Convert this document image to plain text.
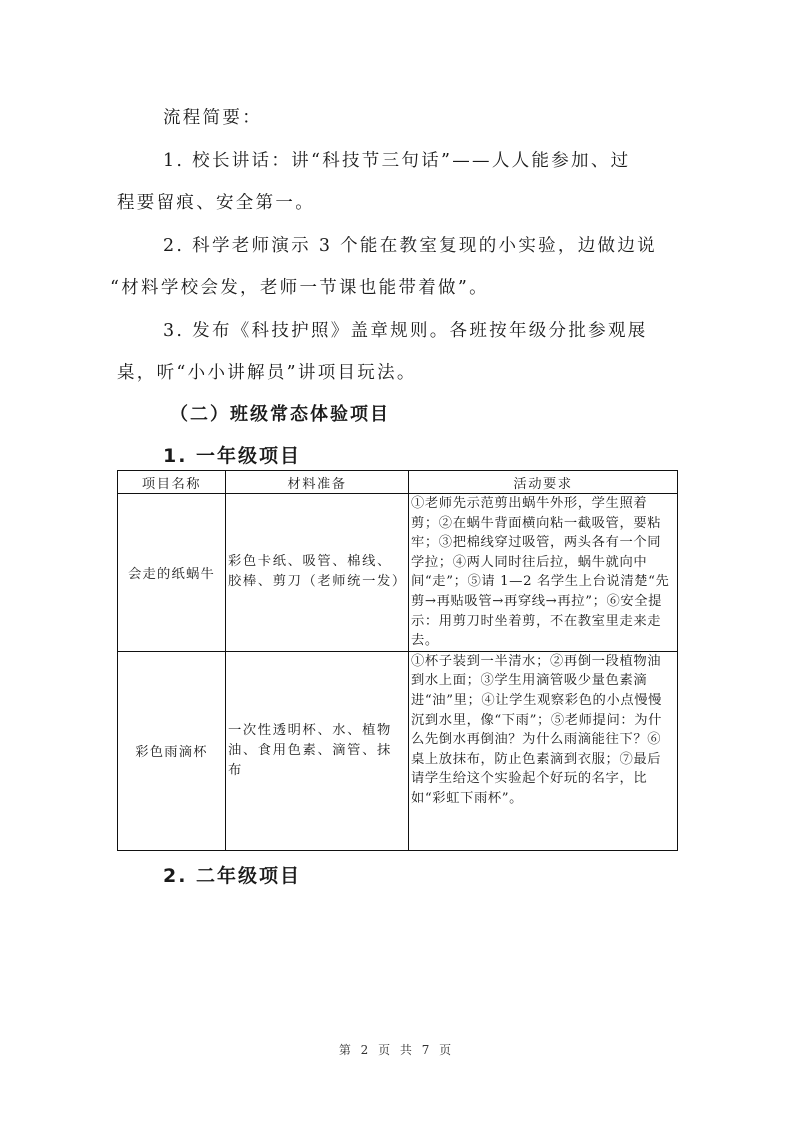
流程简要：
1. 校长讲话：讲“科技节三句话”——人人能参加、过
程要留痕、安全第一。
2. 科学老师演示 3 个能在教室复现的小实验，边做边说
“材料学校会发，老师一节课也能带着做”。
3. 发布《科技护照》盖章规则。各班按年级分批参观展
桌，听“小小讲解员”讲项目玩法。
（二）班级常态体验项目
1. 一年级项目
项目名称	材料准备	活动要求
会走的纸蜗牛	彩色卡纸、吸管、棉线、胶棒、剪刀（老师统一发）	①老师先示范剪出蜗牛外形，学生照着剪；②在蜗牛背面横向粘一截吸管，要粘牢；③把棉线穿过吸管，两头各有一个同学拉；④两人同时往后拉，蜗牛就向中间“走”；⑤请 1—2 名学生上台说清楚“先剪→再贴吸管→再穿线→再拉”；⑥安全提示：用剪刀时坐着剪，不在教室里走来走去。
彩色雨滴杯	一次性透明杯、水、植物油、食用色素、滴管、抹布	①杯子装到一半清水；②再倒一段植物油到水上面；③学生用滴管吸少量色素滴进“油”里；④让学生观察彩色的小点慢慢沉到水里，像“下雨”；⑤老师提问：为什么先倒水再倒油？为什么雨滴能往下？⑥桌上放抹布，防止色素滴到衣服；⑦最后请学生给这个实验起个好玩的名字，比如“彩虹下雨杯”。
2. 二年级项目
第 2 页 共 7 页
